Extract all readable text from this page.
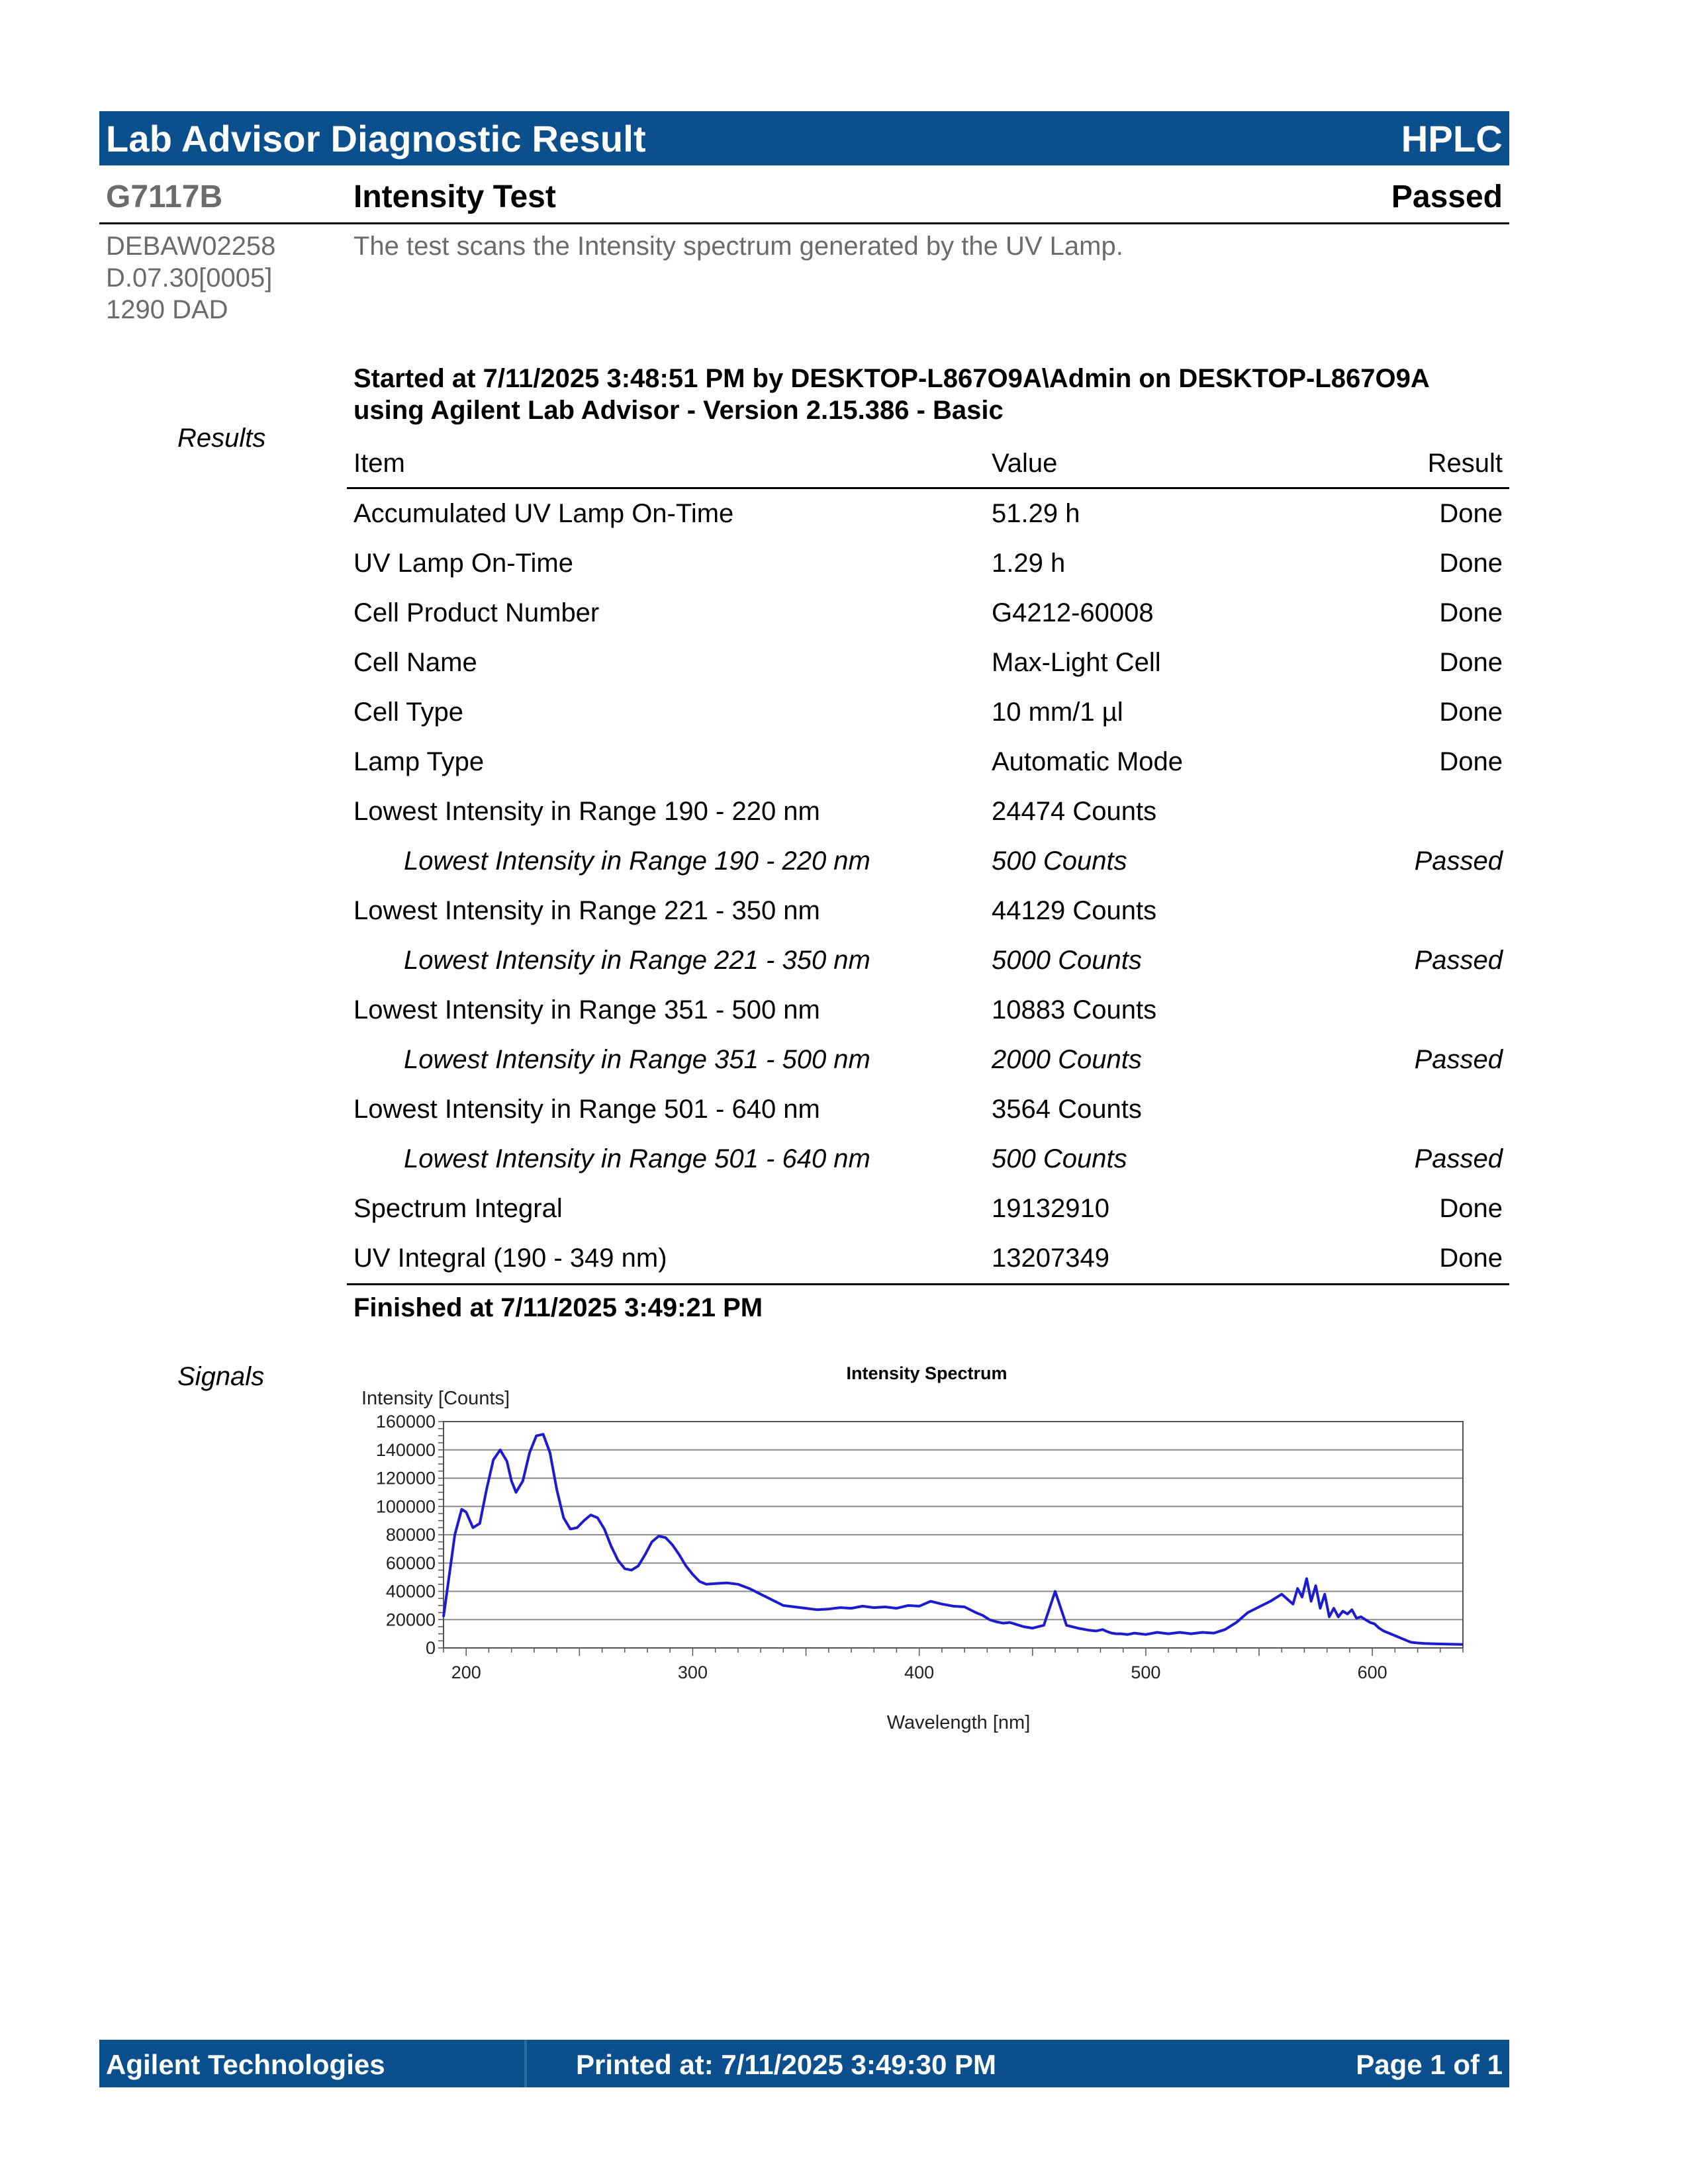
Lab Advisor Diagnostic Result	HPLC
G7117B	Intensity Test	Passed
DEBAW02258
D.07.30[0005]
1290 DAD
The test scans the Intensity spectrum generated by the UV Lamp.
Results
Started at 7/11/2025 3:48:51 PM by DESKTOP-L867O9A\Admin on DESKTOP-L867O9A
using Agilent Lab Advisor - Version 2.15.386 - Basic
Item	Value	Result
Accumulated UV Lamp On-Time	51.29 h	Done
UV Lamp On-Time	1.29 h	Done
Cell Product Number	G4212-60008	Done
Cell Name	Max-Light Cell	Done
Cell Type	10 mm/1 µl	Done
Lamp Type	Automatic Mode	Done
Lowest Intensity in Range 190 - 220 nm	24474 Counts	
Lowest Intensity in Range 190 - 220 nm	500 Counts	Passed
Lowest Intensity in Range 221 - 350 nm	44129 Counts	
Lowest Intensity in Range 221 - 350 nm	5000 Counts	Passed
Lowest Intensity in Range 351 - 500 nm	10883 Counts	
Lowest Intensity in Range 351 - 500 nm	2000 Counts	Passed
Lowest Intensity in Range 501 - 640 nm	3564 Counts	
Lowest Intensity in Range 501 - 640 nm	500 Counts	Passed
Spectrum Integral	19132910	Done
UV Integral (190 - 349 nm)	13207349	Done
Finished at 7/11/2025 3:49:21 PM
Signals	Intensity Spectrum
Intensity [Counts]
Wavelength [nm]
0
20000
40000
60000
80000
100000
120000
140000
160000
200	300	400	500	600
Agilent Technologies	Printed at: 7/11/2025 3:49:30 PM	Page 1 of 1
